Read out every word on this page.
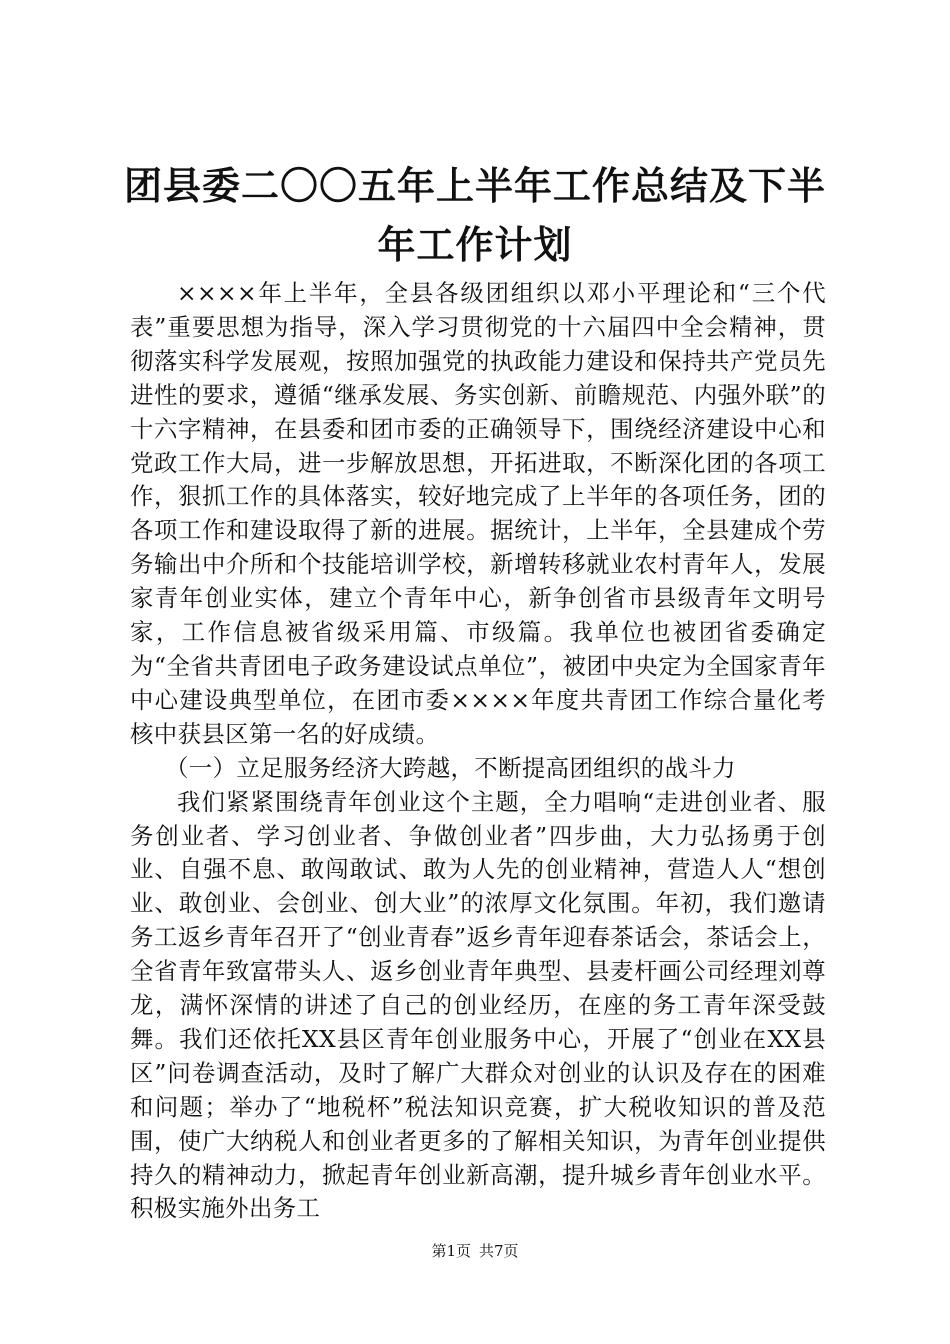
团县委二〇〇五年上半年工作总结及下半年工作计划

××××年上半年，全县各级团组织以邓小平理论和“三个代表”重要思想为指导，深入学习贯彻党的十六届四中全会精神，贯彻落实科学发展观，按照加强党的执政能力建设和保持共产党员先进性的要求，遵循“继承发展、务实创新、前瞻规范、内强外联”的十六字精神，在县委和团市委的正确领导下，围绕经济建设中心和党政工作大局，进一步解放思想，开拓进取，不断深化团的各项工作，狠抓工作的具体落实，较好地完成了上半年的各项任务，团的各项工作和建设取得了新的进展。据统计，上半年，全县建成个劳务输出中介所和个技能培训学校，新增转移就业农村青年人，发展家青年创业实体，建立个青年中心，新争创省市县级青年文明号家，工作信息被省级采用篇、市级篇。我单位也被团省委确定为“全省共青团电子政务建设试点单位”，被团中央定为全国家青年中心建设典型单位，在团市委××××年度共青团工作综合量化考核中获县区第一名的好成绩。

（一）立足服务经济大跨越，不断提高团组织的战斗力

我们紧紧围绕青年创业这个主题，全力唱响“走进创业者、服务创业者、学习创业者、争做创业者”四步曲，大力弘扬勇于创业、自强不息、敢闯敢试、敢为人先的创业精神，营造人人“想创业、敢创业、会创业、创大业”的浓厚文化氛围。年初，我们邀请务工返乡青年召开了“创业青春”返乡青年迎春茶话会，茶话会上，全省青年致富带头人、返乡创业青年典型、县麦杆画公司经理刘尊龙，满怀深情的讲述了自己的创业经历，在座的务工青年深受鼓舞。我们还依托XX县区青年创业服务中心，开展了“创业在XX县区”问卷调查活动，及时了解广大群众对创业的认识及存在的困难和问题；举办了“地税杯”税法知识竞赛，扩大税收知识的普及范围，使广大纳税人和创业者更多的了解相关知识，为青年创业提供持久的精神动力，掀起青年创业新高潮，提升城乡青年创业水平。积极实施外出务工

第1页 共7页
